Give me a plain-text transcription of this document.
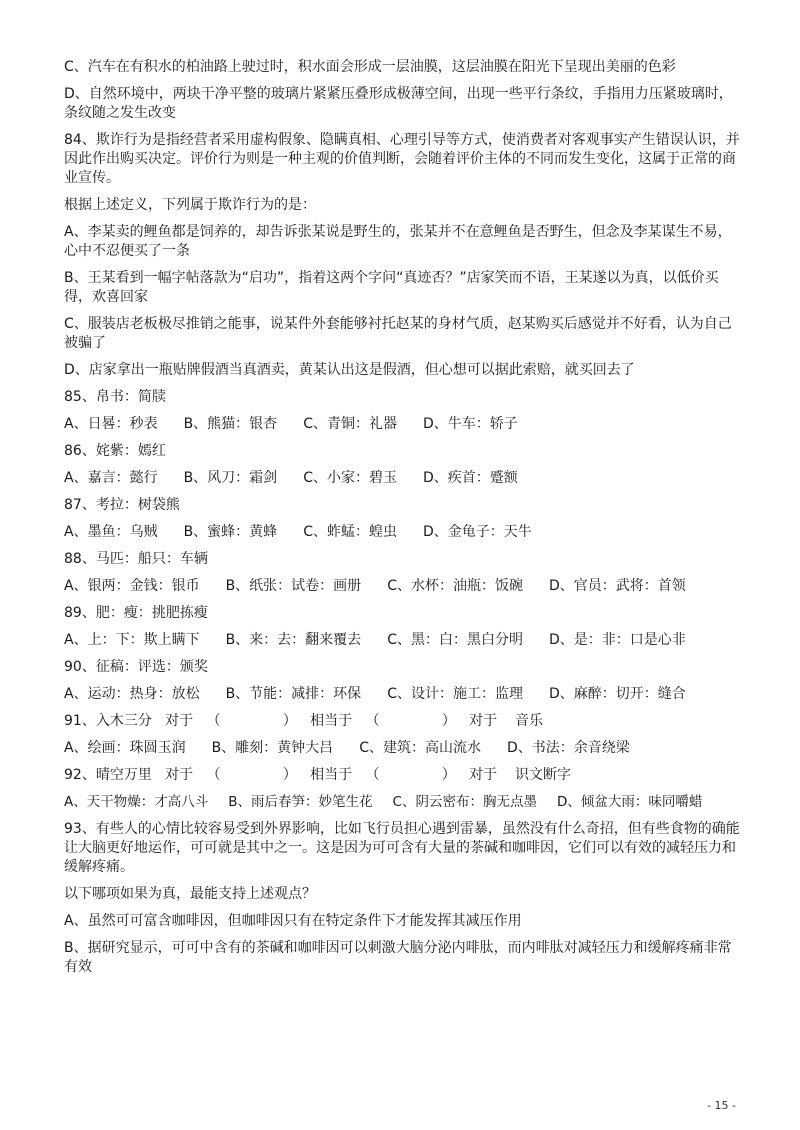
C、汽车在有积水的柏油路上驶过时，积水面会形成一层油膜，这层油膜在阳光下呈现出美丽的色彩

D、自然环境中，两块干净平整的玻璃片紧紧压叠形成极薄空间，出现一些平行条纹，手指用力压紧玻璃时，条纹随之发生改变

84、欺诈行为是指经营者采用虚构假象、隐瞒真相、心理引导等方式，使消费者对客观事实产生错误认识，并因此作出购买决定。评价行为则是一种主观的价值判断，会随着评价主体的不同而发生变化，这属于正常的商业宣传。

根据上述定义，下列属于欺诈行为的是：

A、李某卖的鲤鱼都是饲养的，却告诉张某说是野生的，张某并不在意鲤鱼是否野生，但念及李某谋生不易，心中不忍便买了一条

B、王某看到一幅字帖落款为“启功”，指着这两个字问“真迹否？”店家笑而不语，王某遂以为真，以低价买得，欢喜回家

C、服装店老板极尽推销之能事，说某件外套能够衬托赵某的身材气质，赵某购买后感觉并不好看，认为自己被骗了

D、店家拿出一瓶贴牌假酒当真酒卖，黄某认出这是假酒，但心想可以据此索赔，就买回去了

85、帛书：简牍

A、日晷：秒表 B、熊猫：银杏 C、青铜：礼器 D、牛车：轿子

86、姹紫：嫣红

A、嘉言：懿行 B、风刀：霜剑 C、小家：碧玉 D、疾首：蹙额

87、考拉：树袋熊

A、墨鱼：乌贼 B、蜜蜂：黄蜂 C、蚱蜢：蝗虫 D、金龟子：天牛

88、马匹：船只：车辆

A、银两：金钱：银币 B、纸张：试卷：画册 C、水杯：油瓶：饭碗 D、官员：武将：首领

89、肥：瘦：挑肥拣瘦

A、上：下：欺上瞒下 B、来：去：翻来覆去 C、黑：白：黑白分明 D、是：非：口是心非

90、征稿：评选：颁奖

A、运动：热身：放松 B、节能：减排：环保 C、设计：施工：监理 D、麻醉：切开：缝合

91、入木三分   对于   （              ）   相当于   （              ）   对于    音乐

A、绘画：珠圆玉润 B、雕刻：黄钟大吕 C、建筑：高山流水 D、书法：余音绕梁

92、晴空万里   对于   （              ）   相当于   （              ）   对于    识文断字

A、天干物燥：才高八斗 B、雨后春笋：妙笔生花 C、阴云密布：胸无点墨 D、倾盆大雨：味同嚼蜡

93、有些人的心情比较容易受到外界影响，比如飞行员担心遇到雷暴，虽然没有什么奇招，但有些食物的确能让大脑更好地运作，可可就是其中之一。这是因为可可含有大量的茶碱和咖啡因，它们可以有效的减轻压力和缓解疼痛。

以下哪项如果为真，最能支持上述观点？

A、虽然可可富含咖啡因，但咖啡因只有在特定条件下才能发挥其减压作用

B、据研究显示，可可中含有的茶碱和咖啡因可以刺激大脑分泌内啡肽，而内啡肽对减轻压力和缓解疼痛非常有效

- 15 -
